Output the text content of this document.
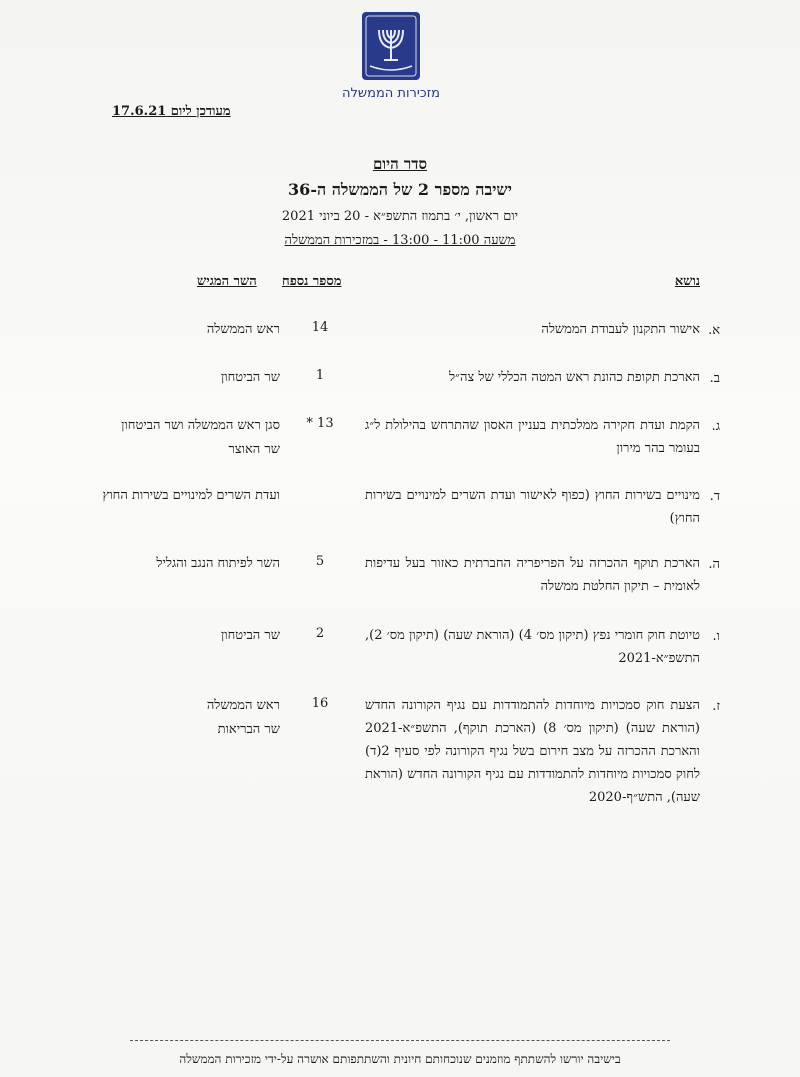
מזכירות הממשלה
מעודכן ליום 17.6.21
סדר היום
ישיבה מספר 2 של הממשלה ה-36
יום ראשון, י׳ בתמוז התשפ״א - 20 ביוני 2021
משעה 11:00 - 13:00 - במזכירות הממשלה
נושא
מספר נספח
השר המגיש
א.
אישור התקנון לעבודת הממשלה
14
ראש הממשלה
ב.
הארכת תקופת כהונת ראש המטה הכללי של צה״ל
1
שר הביטחון
ג.
הקמת ועדת חקירה ממלכתית בעניין האסון שהתרחש בהילולת ל״ג בעומר בהר מירון
13 *
סגן ראש הממשלה ושר הביטחון
שר האוצר
ד.
מינויים בשירות החוץ (כפוף לאישור ועדת השרים למינויים בשירות החוץ)
ועדת השרים למינויים בשירות החוץ
ה.
הארכת תוקף ההכרזה על הפריפריה החברתית כאזור בעל עדיפות לאומית – תיקון החלטת ממשלה
5
השר לפיתוח הנגב והגליל
ו.
טיוטת חוק חומרי נפץ (תיקון מס׳ 4) (הוראת שעה) (תיקון מס׳ 2), התשפ״א-2021
2
שר הביטחון
ז.
הצעת חוק סמכויות מיוחדות להתמודדות עם נגיף הקורונה החדש (הוראת שעה) (תיקון מס׳ 8) (הארכת תוקף), התשפ״א-2021 והארכת ההכרזה על מצב חירום בשל נגיף הקורונה לפי סעיף 2(ד) לחוק סמכויות מיוחדות להתמודדות עם נגיף הקורונה החדש (הוראת שעה), התש״ף-2020
16
ראש הממשלה
שר הבריאות
בישיבה יורשו להשתתף מוזמנים שנוכחותם חיונית והשתתפותם אושרה על-ידי מזכירות הממשלה
